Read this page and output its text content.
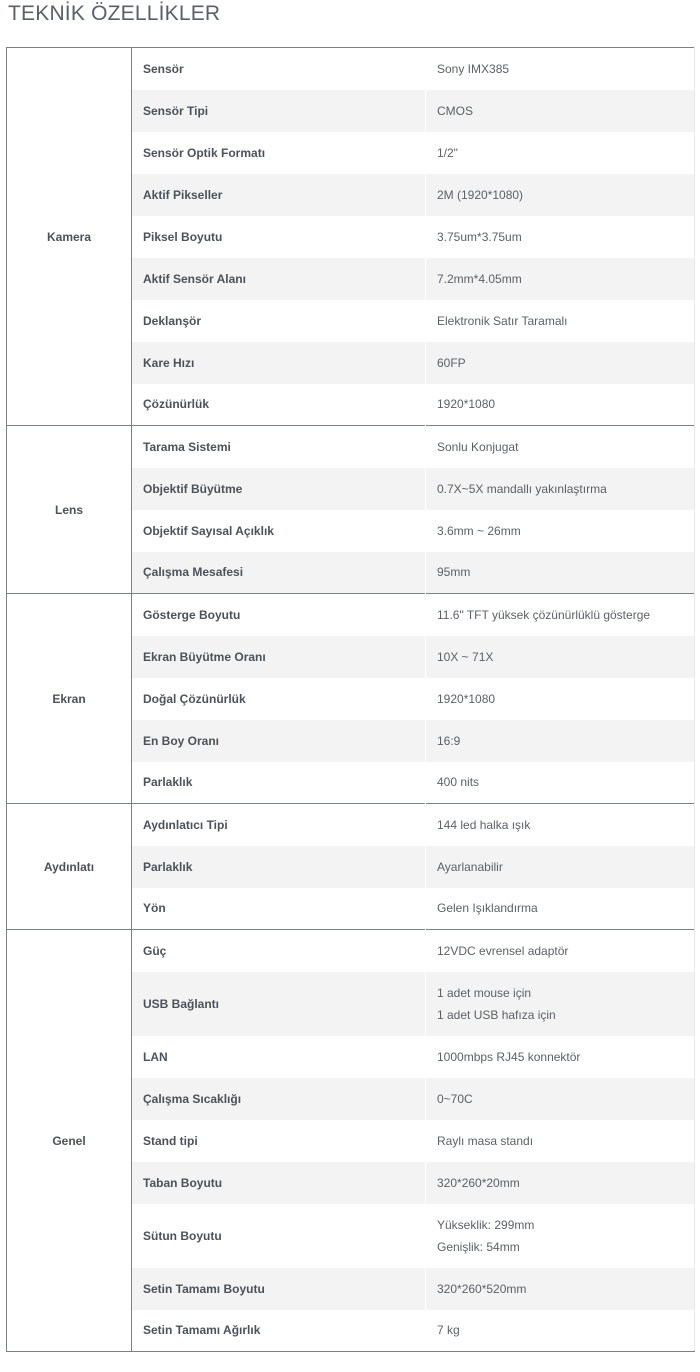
TEKNİK ÖZELLİKLER
Kamera	Sensör	Sony IMX385

	Sensör Tipi	CMOS

	Sensör Optik Formatı	1/2"

	Aktif Pikseller	2M (1920*1080)

	Piksel Boyutu	3.75um*3.75um

	Aktif Sensör Alanı	7.2mm*4.05mm

	Deklanşör	Elektronik Satır Taramalı

	Kare Hızı	60FP

	Çözünürlük	1920*1080

Lens	Tarama Sistemi	Sonlu Konjugat

	Objektif Büyütme	0.7X~5X mandallı yakınlaştırma

	Objektif Sayısal Açıklık	3.6mm ~ 26mm

	Çalışma Mesafesi	95mm

Ekran	Gösterge Boyutu	11.6" TFT yüksek çözünürlüklü gösterge

	Ekran Büyütme Oranı	10X ~ 71X

	Doğal Çözünürlük	1920*1080

	En Boy Oranı	16:9

	Parlaklık	400 nits

Aydınlatı	Aydınlatıcı Tipi	144 led halka ışık

	Parlaklık	Ayarlanabilir

	Yön	Gelen Işıklandırma

Genel	Güç	12VDC evrensel adaptör

	USB Bağlantı	1 adet mouse için
1 adet USB hafıza için

	LAN	1000mbps RJ45 konnektör

	Çalışma Sıcaklığı	0~70C

	Stand tipi	Raylı masa standı

	Taban Boyutu	320*260*20mm

	Sütun Boyutu	Yükseklik: 299mm
Genişlik: 54mm

	Setin Tamamı Boyutu	320*260*520mm

	Setin Tamamı Ağırlık	7 kg
